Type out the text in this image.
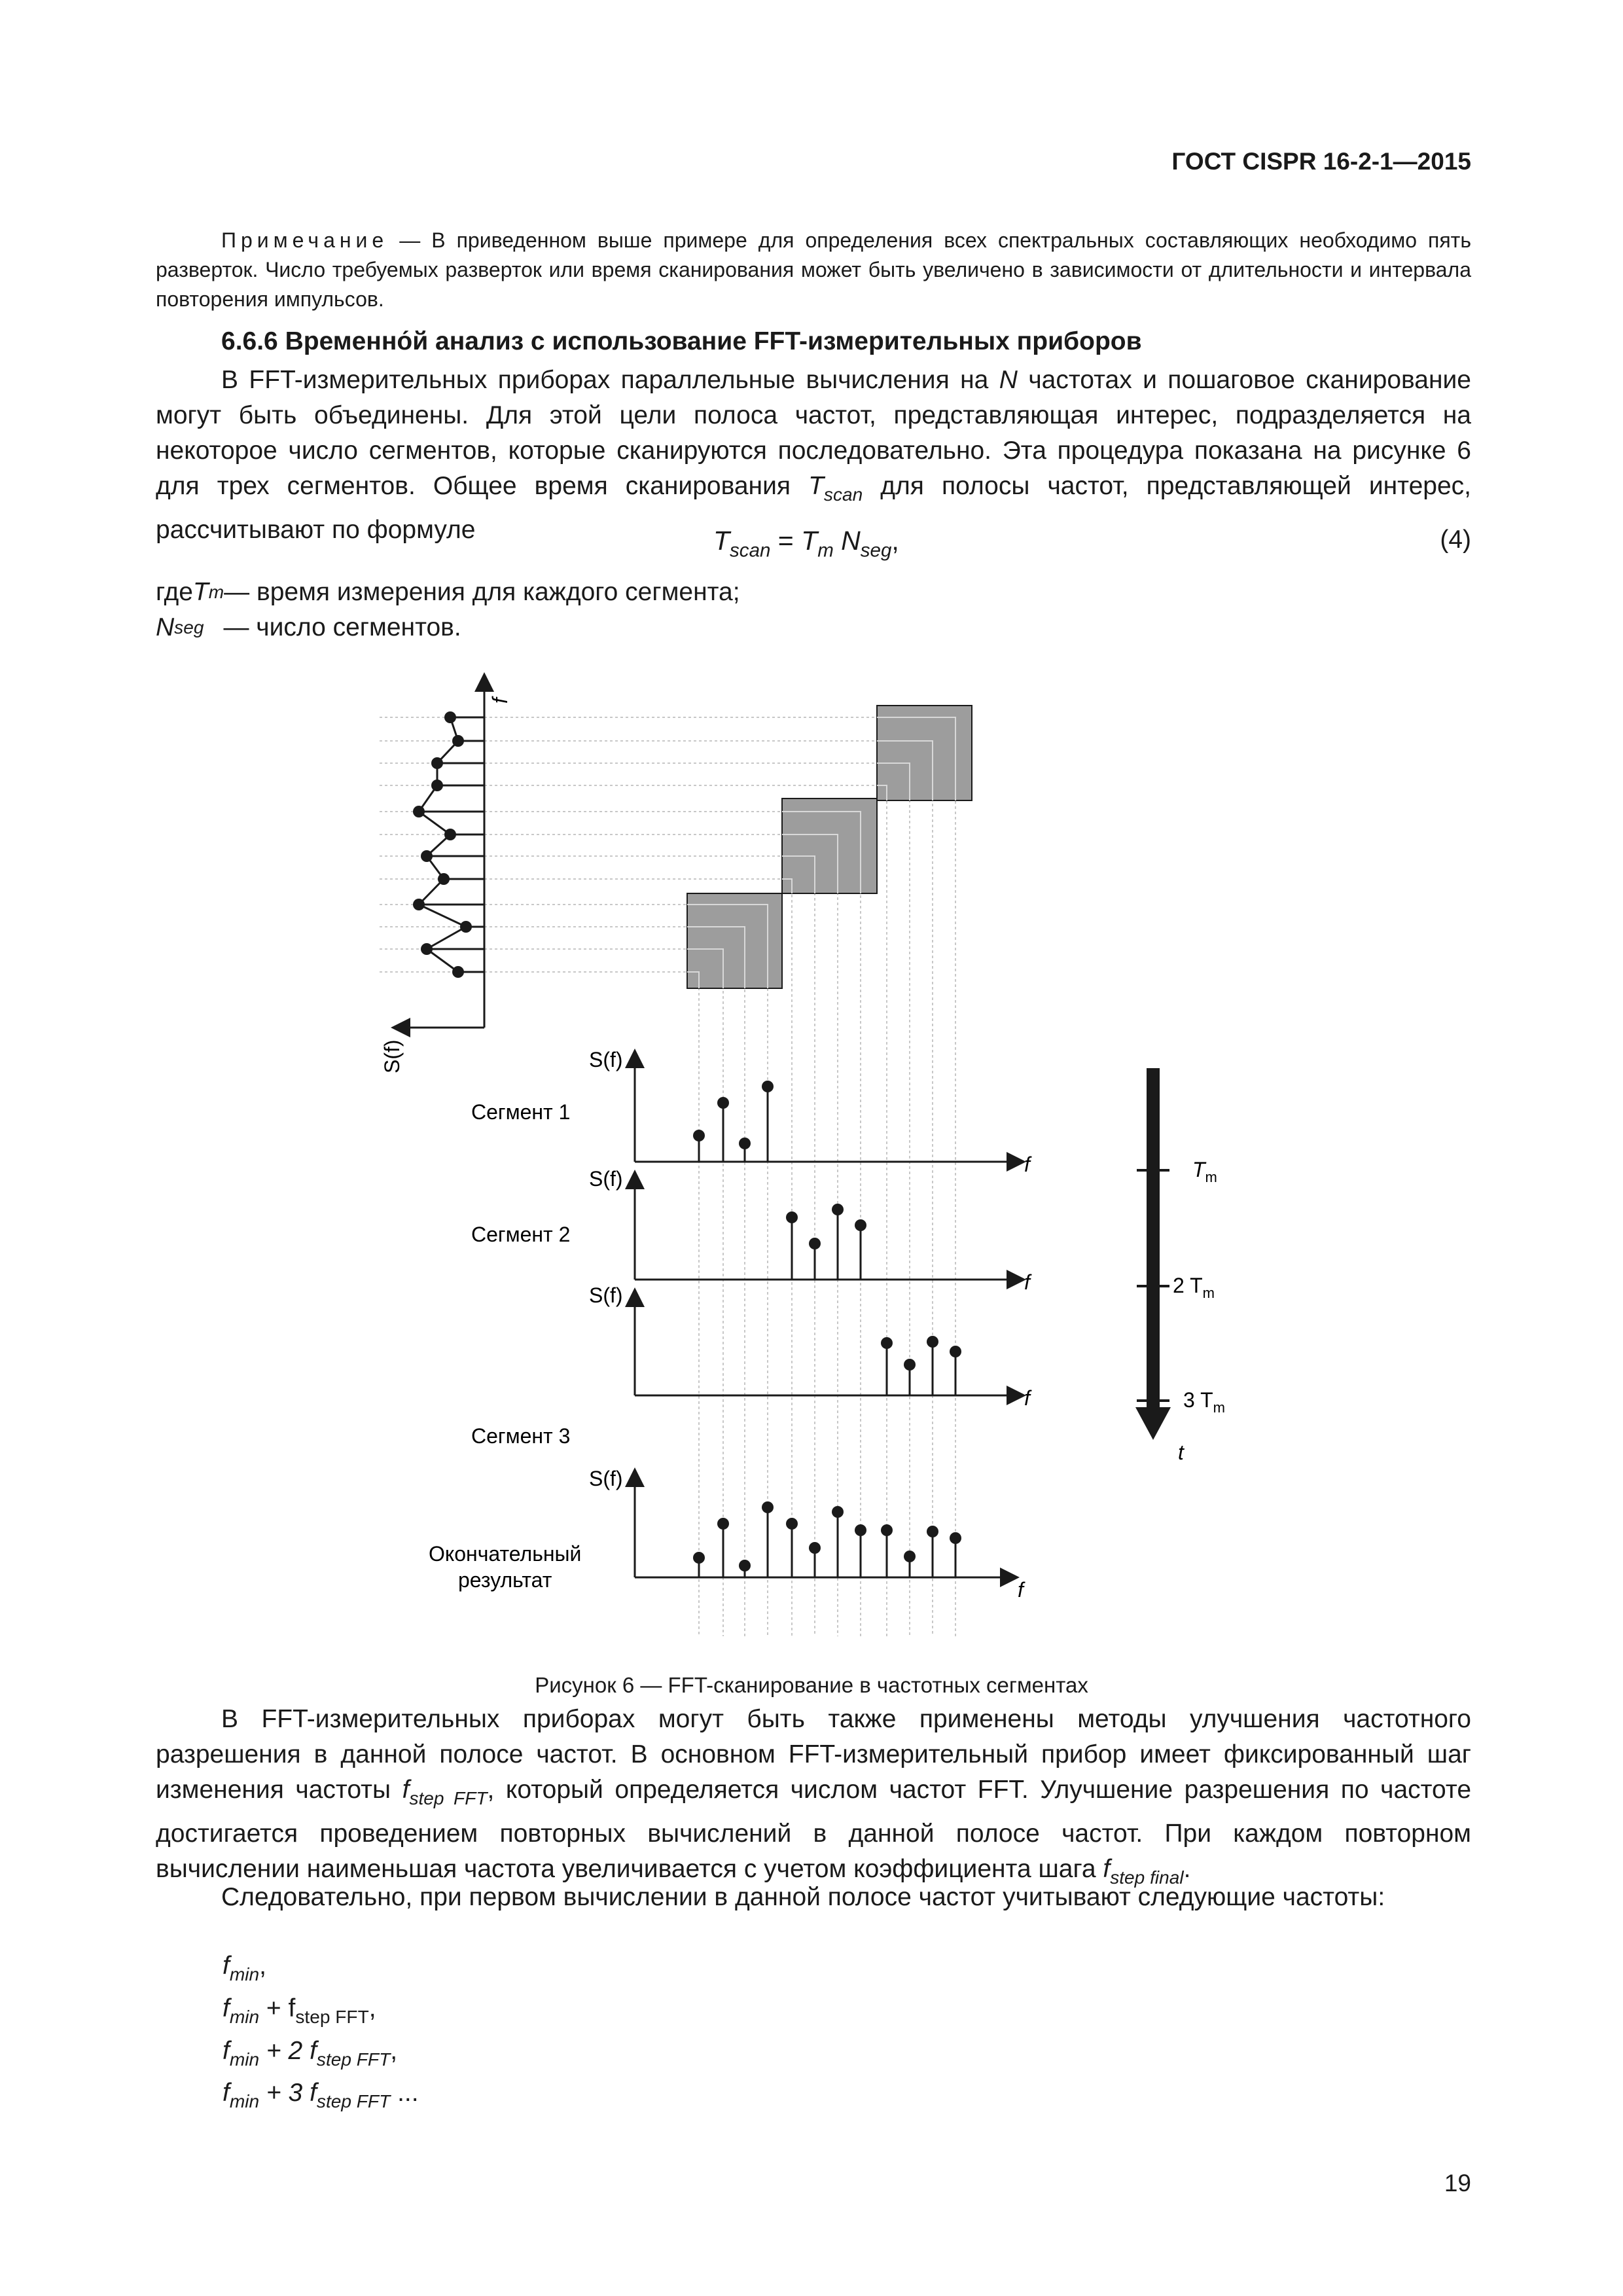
ГОСТ CISPR 16-2-1—2015
Примечание — В приведенном выше примере для определения всех спектральных составляющих необходимо пять разверток. Число требуемых разверток или время сканирования может быть увеличено в зависимости от длительности и интервала повторения импульсов.
6.6.6 Временно́й анализ с использование FFT-измерительных приборов
В FFT-измерительных приборах параллельные вычисления на N частотах и пошаговое сканирование могут быть объединены. Для этой цели полоса частот, представляющая интерес, подразделяется на некоторое число сегментов, которые сканируются последовательно. Эта процедура показана на рисунке 6 для трех сегментов. Общее время сканирования $T_{scan}$ для полосы частот, представляющей интерес, рассчитывают по формуле	$T_{scan} = T_m$ $N_{seg}$,	(4)
где T m — время измерения для каждого сегмента;
N seg — число сегментов.
f
S(f)	S(f)
f
Сегмент 1
S(f)
f
Сегмент 2
S(f)
f
Сегмент 3
S(f)
f
Окончательный
результат
$T_m$
2 $T_m$
3 $T_m$
t
Рисунок 6 — FFT-сканирование в частотных сегментах
В FFT-измерительных приборах могут быть также применены методы улучшения частотного разрешения в данной полосе частот. В основном FFT-измерительный прибор имеет фиксированный шаг изменения частоты $f_{step FFT}$, который определяется числом частот FFT. Улучшение разрешения по частоте достигается проведением повторных вычислений в данной полосе частот. При каждом повторном вычислении наименьшая частота увеличивается с учетом коэффициента шага $f_{step final}$.
Следовательно, при первом вычислении в данной полосе частот учитывают следующие частоты:
$f_{min}$,
$f_{min} + f_{step FFT}$,
$f_{min} + 2$ $f_{step FFT}$,
$f_{min} + 3$ $f_{step FFT}$ ...
19
